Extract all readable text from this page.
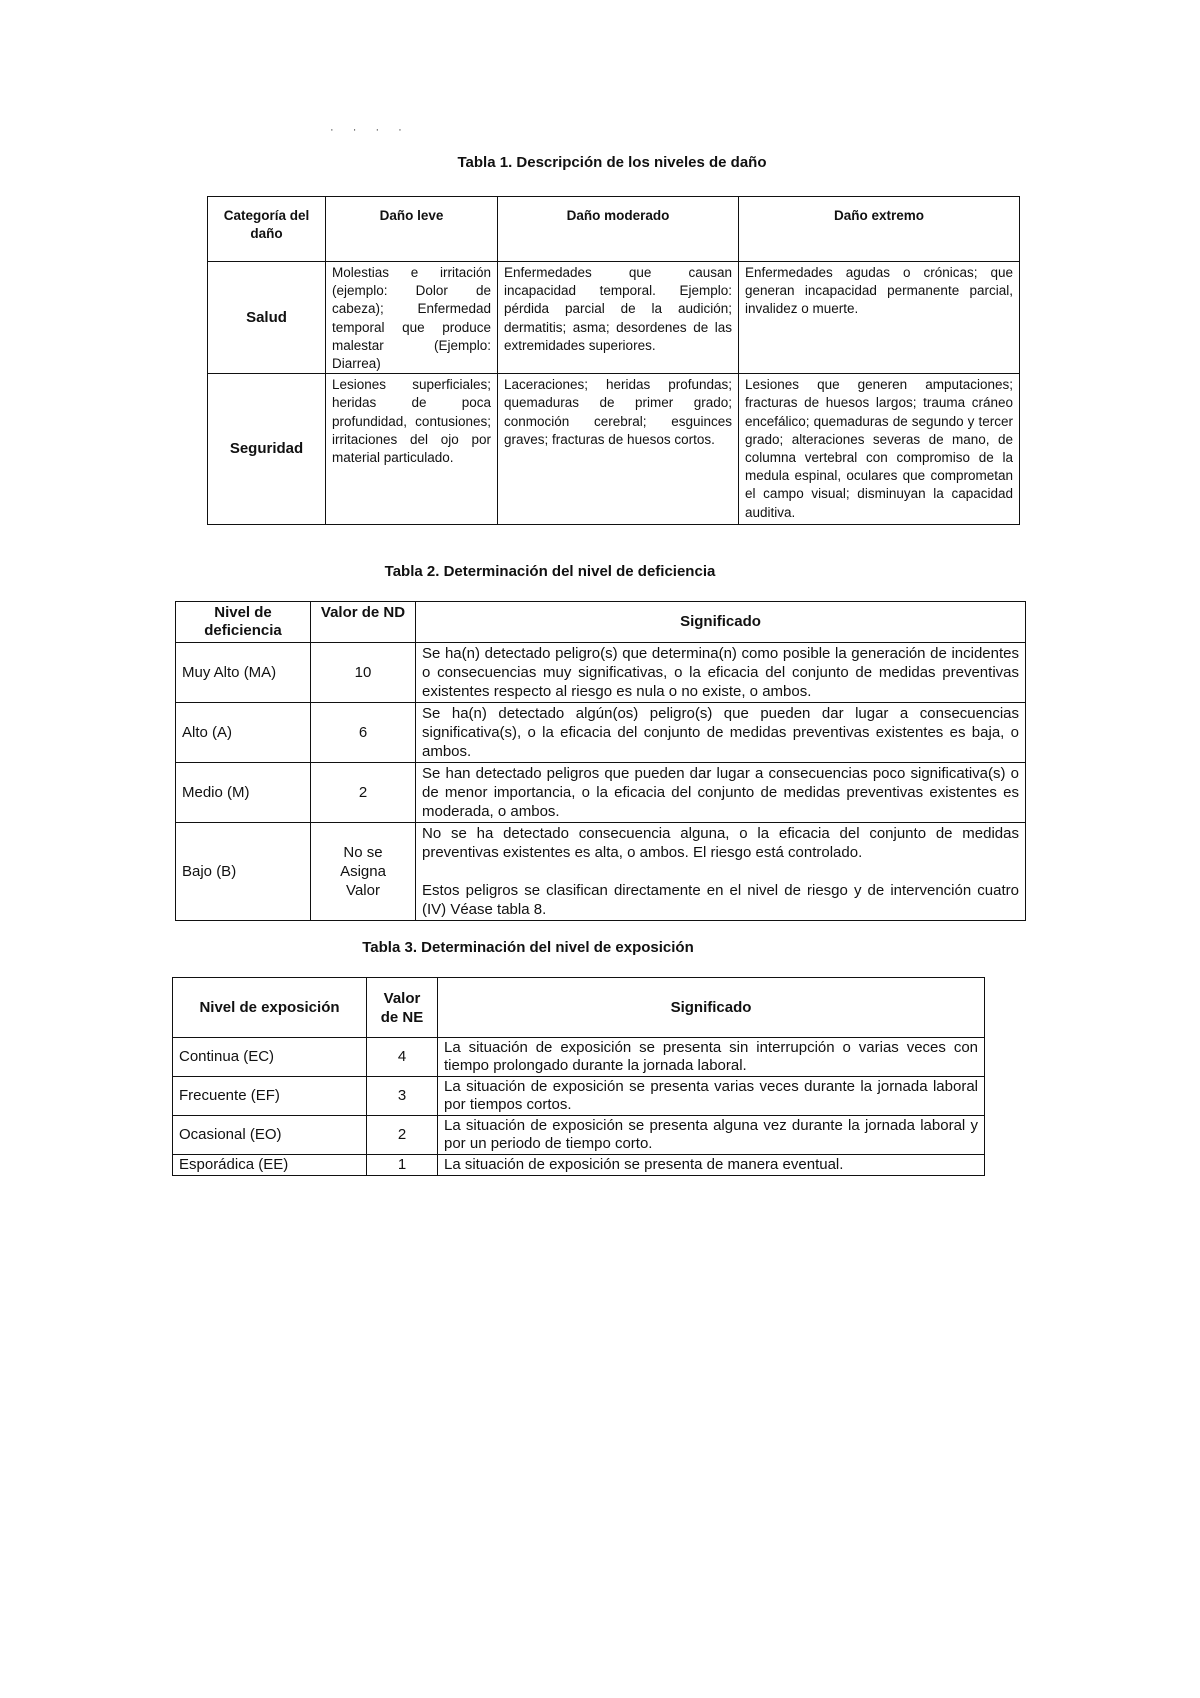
· · · ·
Tabla 1. Descripción de los niveles de daño
Categoría del daño	Daño leve	Daño moderado	Daño extremo
Salud	Molestias e irritación (ejemplo: Dolor de cabeza); Enfermedad temporal que produce malestar (Ejemplo: Diarrea)	Enfermedades que causan incapacidad temporal. Ejemplo: pérdida parcial de la audición; dermatitis; asma; desordenes de las extremidades superiores.	Enfermedades agudas o crónicas; que generan incapacidad permanente parcial, invalidez o muerte.
Seguridad	Lesiones superficiales; heridas de poca profundidad, contusiones; irritaciones del ojo por material particulado.	Laceraciones; heridas profundas; quemaduras de primer grado; conmoción cerebral; esguinces graves; fracturas de huesos cortos.	Lesiones que generen amputaciones; fracturas de huesos largos; trauma cráneo encefálico; quemaduras de segundo y tercer grado; alteraciones severas de mano, de columna vertebral con compromiso de la medula espinal, oculares que comprometan el campo visual; disminuyan la capacidad auditiva.
Tabla 2. Determinación del nivel de deficiencia
Nivel de deficiencia	Valor de ND	Significado
Muy Alto (MA)	10	Se ha(n) detectado peligro(s) que determina(n) como posible la generación de incidentes o consecuencias muy significativas, o la eficacia del conjunto de medidas preventivas existentes respecto al riesgo es nula o no existe, o ambos.
Alto (A)	6	Se ha(n) detectado algún(os) peligro(s) que pueden dar lugar a consecuencias significativa(s), o la eficacia del conjunto de medidas preventivas existentes es baja, o ambos.
Medio (M)	2	Se han detectado peligros que pueden dar lugar a consecuencias poco significativa(s) o de menor importancia, o la eficacia del conjunto de medidas preventivas existentes es moderada, o ambos.
Bajo (B)	No se Asigna Valor	No se ha detectado consecuencia alguna, o la eficacia del conjunto de medidas preventivas existentes es alta, o ambos. El riesgo está controlado.
Estos peligros se clasifican directamente en el nivel de riesgo y de intervención cuatro (IV) Véase tabla 8.
Tabla 3. Determinación del nivel de exposición
Nivel de exposición	Valor de NE	Significado
Continua (EC)	4	La situación de exposición se presenta sin interrupción o varias veces con tiempo prolongado durante la jornada laboral.
Frecuente (EF)	3	La situación de exposición se presenta varias veces durante la jornada laboral por tiempos cortos.
Ocasional (EO)	2	La situación de exposición se presenta alguna vez durante la jornada laboral y por un periodo de tiempo corto.
Esporádica (EE)	1	La situación de exposición se presenta de manera eventual.
